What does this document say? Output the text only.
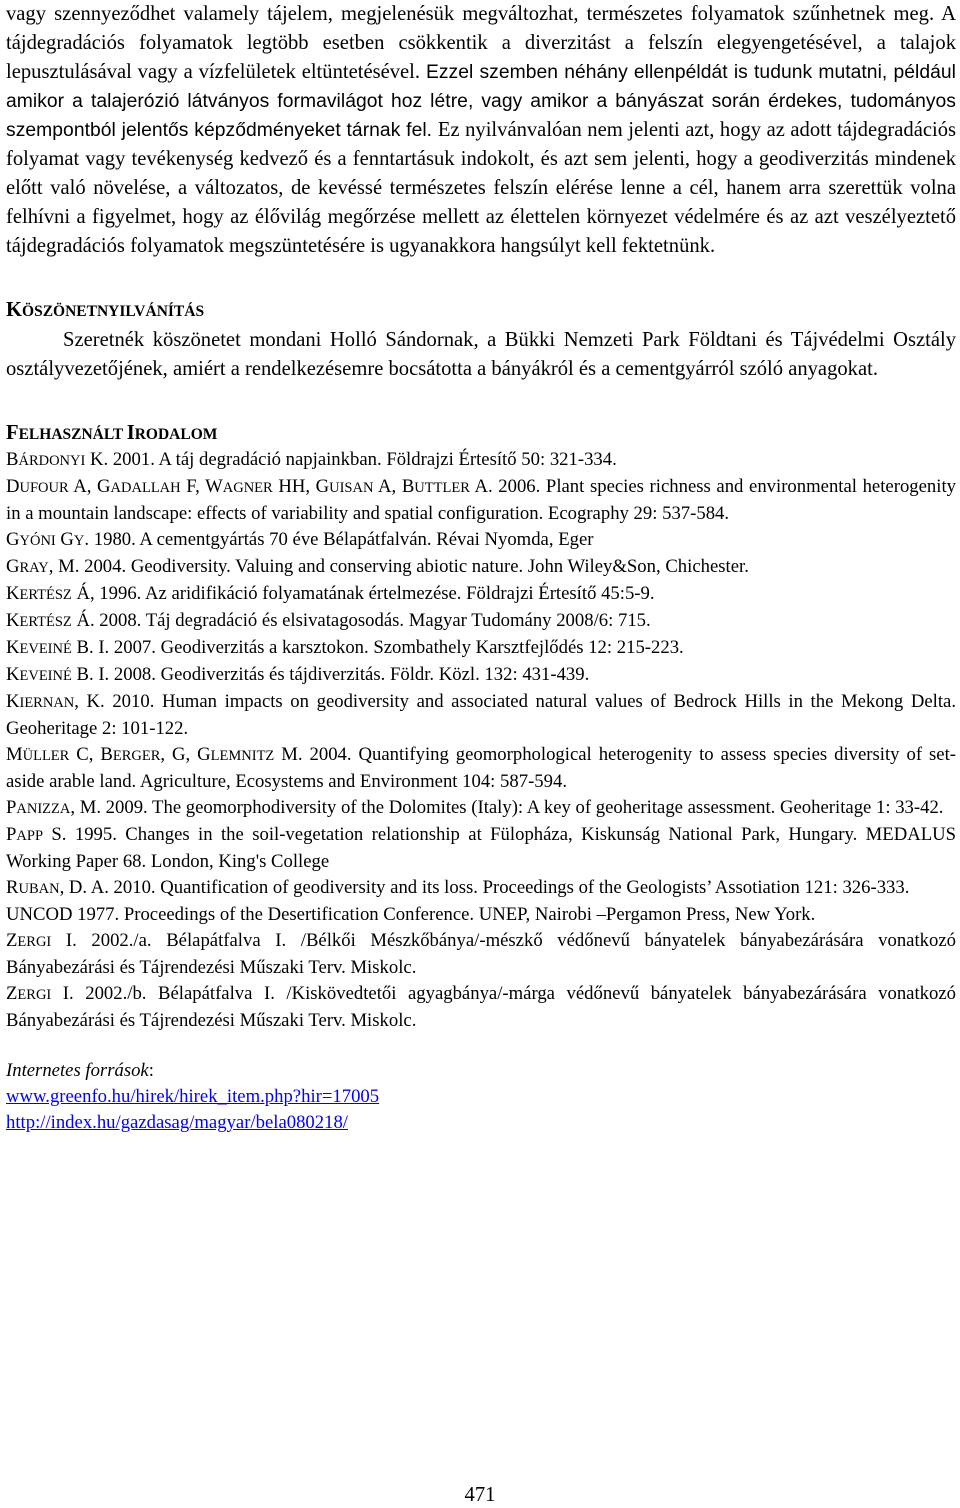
vagy szennyeződhet valamely tájelem, megjelenésük megváltozhat, természetes folyamatok szűnhetnek meg. A tájdegradációs folyamatok legtöbb esetben csökkentik a diverzitást a felszín elegyengetésével, a talajok lepusztulásával vagy a vízfelületek eltüntetésével. Ezzel szemben néhány ellenpéldát is tudunk mutatni, például amikor a talajerózió látványos formavilágot hoz létre, vagy amikor a bányászat során érdekes, tudományos szempontból jelentős képződményeket tárnak fel. Ez nyilvánvalóan nem jelenti azt, hogy az adott tájdegradációs folyamat vagy tevékenység kedvező és a fenntartásuk indokolt, és azt sem jelenti, hogy a geodiverzitás mindenek előtt való növelése, a változatos, de kevéssé természetes felszín elérése lenne a cél, hanem arra szerettük volna felhívni a figyelmet, hogy az élővilág megőrzése mellett az élettelen környezet védelmére és az azt veszélyeztető tájdegradációs folyamatok megszüntetésére is ugyanakkora hangsúlyt kell fektetnünk.

KÖSZÖNETNYILVÁNÍTÁS

Szeretnék köszönetet mondani Holló Sándornak, a Bükki Nemzeti Park Földtani és Tájvédelmi Osztály osztályvezetőjének, amiért a rendelkezésemre bocsátotta a bányákról és a cementgyárról szóló anyagokat.

FELHASZNÁLT IRODALOM

BÁRDONYI K. 2001. A táj degradáció napjainkban. Földrajzi Értesítő 50: 321-334.

DUFOUR A, GADALLAH F, WAGNER HH, GUISAN A, BUTTLER A. 2006. Plant species richness and environmental heterogenity in a mountain landscape: effects of variability and spatial configuration. Ecography 29: 537-584.

GYÓNI GY. 1980. A cementgyártás 70 éve Bélapátfalván. Révai Nyomda, Eger

GRAY, M. 2004. Geodiversity. Valuing and conserving abiotic nature. John Wiley&Son, Chichester.

KERTÉSZ Á, 1996. Az aridifikáció folyamatának értelmezése. Földrajzi Értesítő 45:5-9.

KERTÉSZ Á. 2008. Táj degradáció és elsivatagosodás. Magyar Tudomány 2008/6: 715.

KEVEINÉ B. I. 2007. Geodiverzitás a karsztokon. Szombathely Karsztfejlődés 12: 215-223.

KEVEINÉ B. I. 2008. Geodiverzitás és tájdiverzitás. Földr. Közl. 132: 431-439.

KIERNAN, K. 2010. Human impacts on geodiversity and associated natural values of Bedrock Hills in the Mekong Delta. Geoheritage 2: 101-122.

MÜLLER C, BERGER, G, GLEMNITZ M. 2004. Quantifying geomorphological heterogenity to assess species diversity of set-aside arable land. Agriculture, Ecosystems and Environment 104: 587-594.

PANIZZA, M. 2009. The geomorphodiversity of the Dolomites (Italy): A key of geoheritage assessment. Geoheritage 1: 33-42.

PAPP S. 1995. Changes in the soil-vegetation relationship at Fülopháza, Kiskunság National Park, Hungary. MEDALUS Working Paper 68. London, King's College

RUBAN, D. A. 2010. Quantification of geodiversity and its loss. Proceedings of the Geologists’ Assotiation 121: 326-333.

UNCOD 1977. Proceedings of the Desertification Conference. UNEP, Nairobi –Pergamon Press, New York.

ZERGI I. 2002./a. Bélapátfalva I. /Bélkői Mészkőbánya/-mészkő védőnevű bányatelek bányabezárására vonatkozó Bányabezárási és Tájrendezési Műszaki Terv. Miskolc.

ZERGI I. 2002./b. Bélapátfalva I. /Kiskövedtetői agyagbánya/-márga védőnevű bányatelek bányabezárására vonatkozó Bányabezárási és Tájrendezési Műszaki Terv. Miskolc.

Internetes források:

www.greenfo.hu/hirek/hirek_item.php?hir=17005
http://index.hu/gazdasag/magyar/bela080218/
471
